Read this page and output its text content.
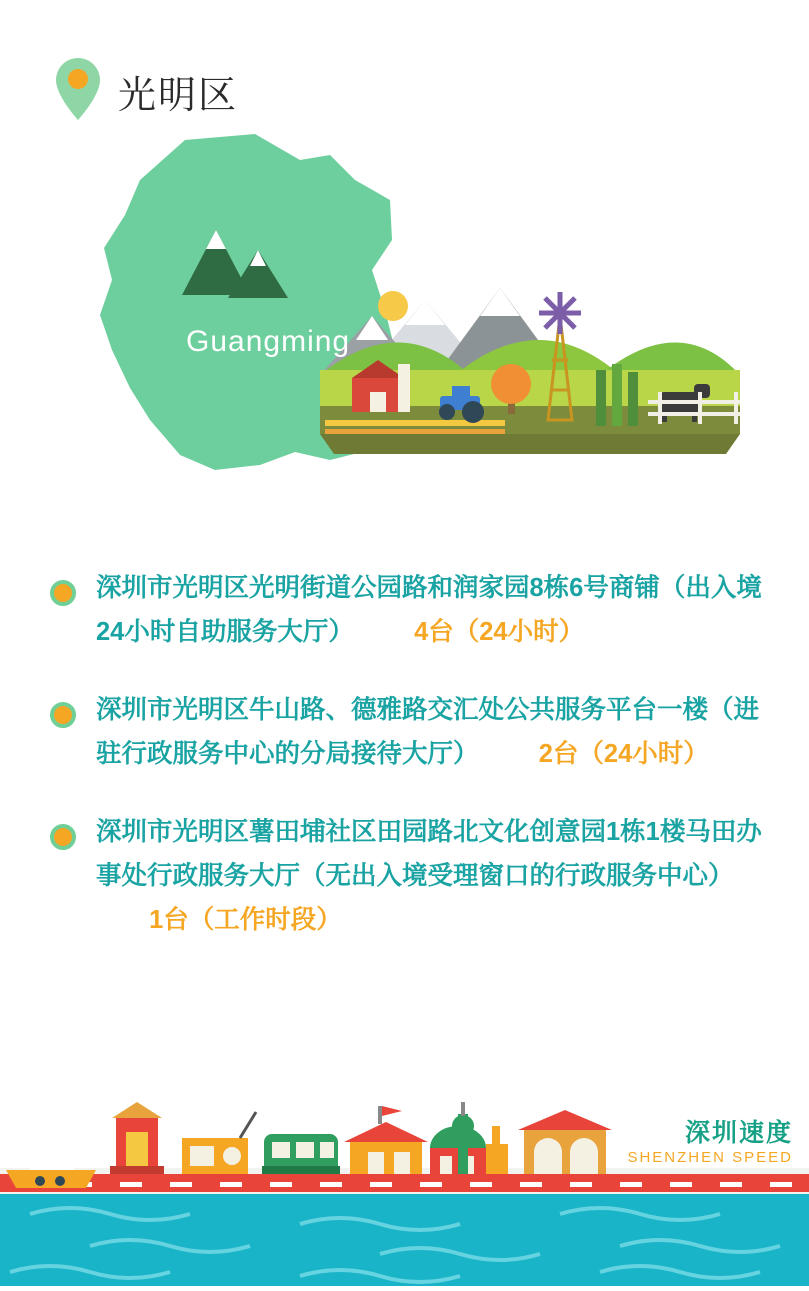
光明区
Guangming
深圳市光明区光明街道公园路和润家园8栋6号商铺（出入境24小时自助服务大厅） 4台（24小时）
深圳市光明区牛山路、德雅路交汇处公共服务平台一楼（进驻行政服务中心的分局接待大厅） 2台（24小时）
深圳市光明区薯田埔社区田园路北文化创意园1栋1楼马田办事处行政服务大厅（无出入境受理窗口的行政服务中心）  1台（工作时段）
深圳速度
SHENZHEN SPEED
